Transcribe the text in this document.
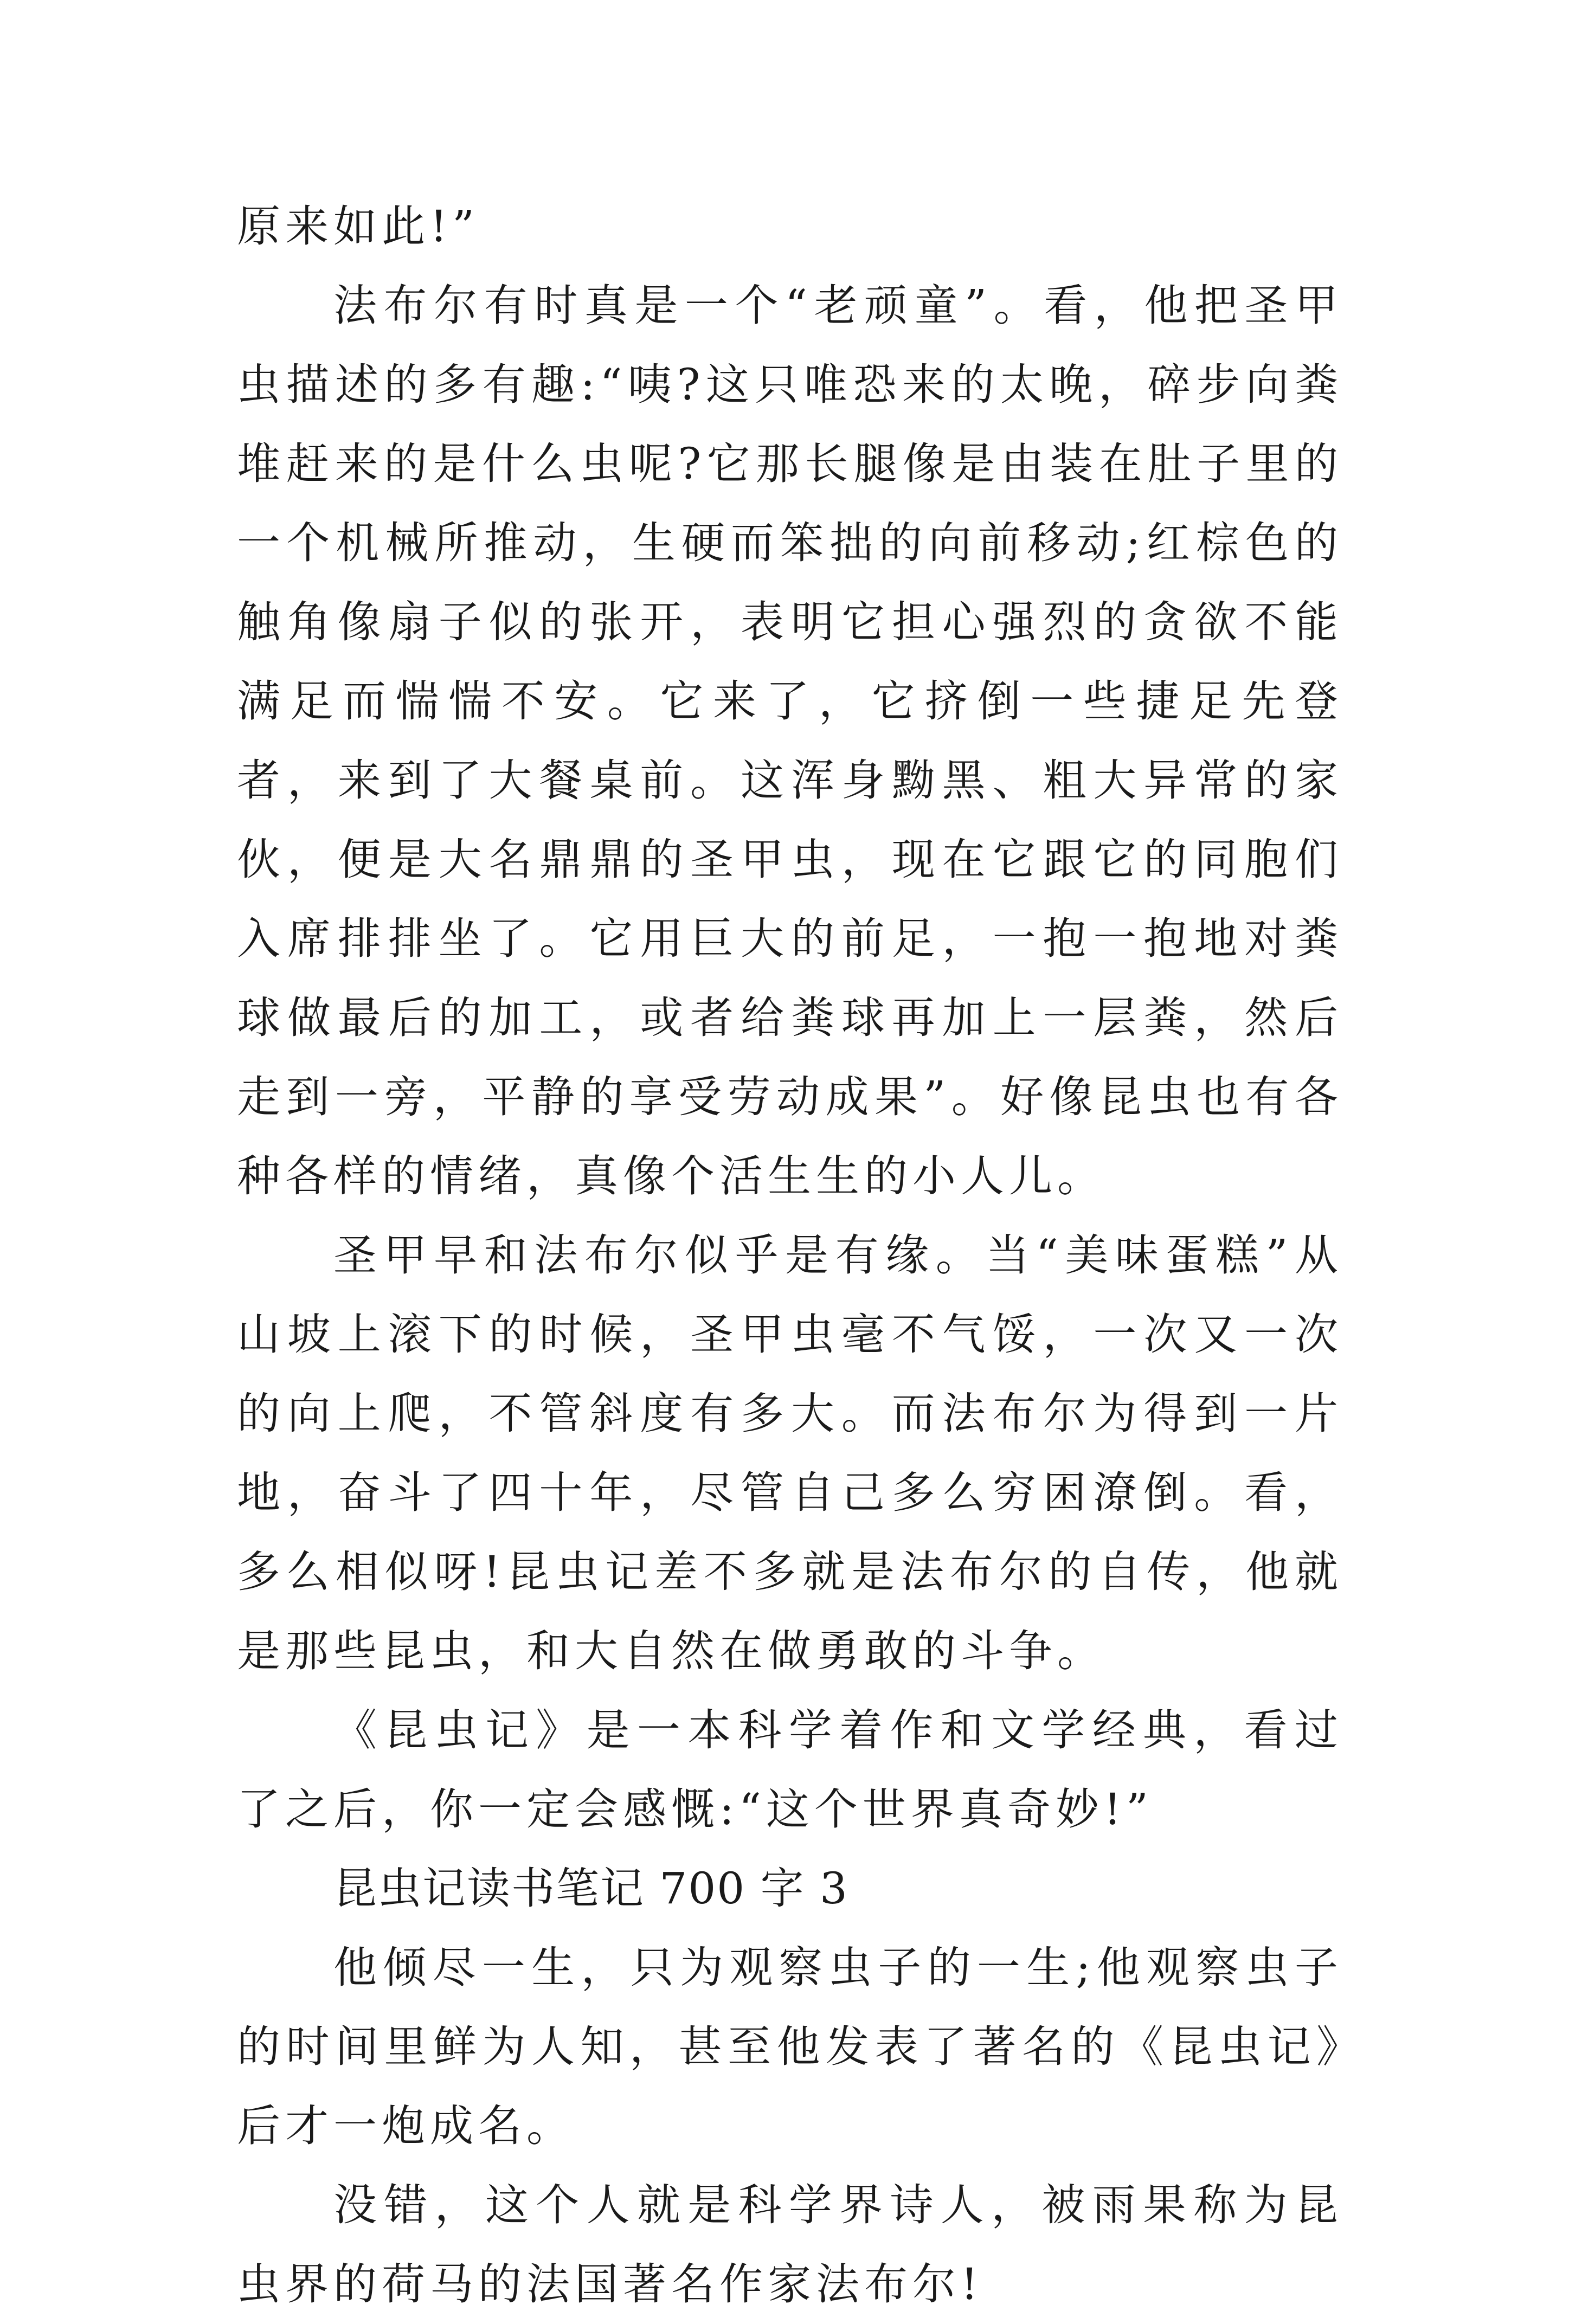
原来如此!”

法布尔有时真是一个“老顽童”。看，他把圣甲虫描述的多有趣:“咦?这只唯恐来的太晚，碎步向粪堆赶来的是什么虫呢?它那长腿像是由装在肚子里的一个机械所推动，生硬而笨拙的向前移动;红棕色的触角像扇子似的张开，表明它担心强烈的贪欲不能满足而惴惴不安。它来了，它挤倒一些捷足先登者，来到了大餐桌前。这浑身黝黑、粗大异常的家伙，便是大名鼎鼎的圣甲虫，现在它跟它的同胞们入席排排坐了。它用巨大的前足，一抱一抱地对粪球做最后的加工，或者给粪球再加上一层粪，然后走到一旁，平静的享受劳动成果”。好像昆虫也有各种各样的情绪，真像个活生生的小人儿。

圣甲早和法布尔似乎是有缘。当“美味蛋糕”从山坡上滚下的时候，圣甲虫毫不气馁，一次又一次的向上爬，不管斜度有多大。而法布尔为得到一片地，奋斗了四十年，尽管自己多么穷困潦倒。看，多么相似呀!昆虫记差不多就是法布尔的自传，他就是那些昆虫，和大自然在做勇敢的斗争。

《昆虫记》是一本科学着作和文学经典，看过了之后，你一定会感慨:“这个世界真奇妙!”

昆虫记读书笔记 700 字 3

他倾尽一生，只为观察虫子的一生;他观察虫子的时间里鲜为人知，甚至他发表了著名的《昆虫记》后才一炮成名。

没错，这个人就是科学界诗人，被雨果称为昆虫界的荷马的法国著名作家法布尔!
